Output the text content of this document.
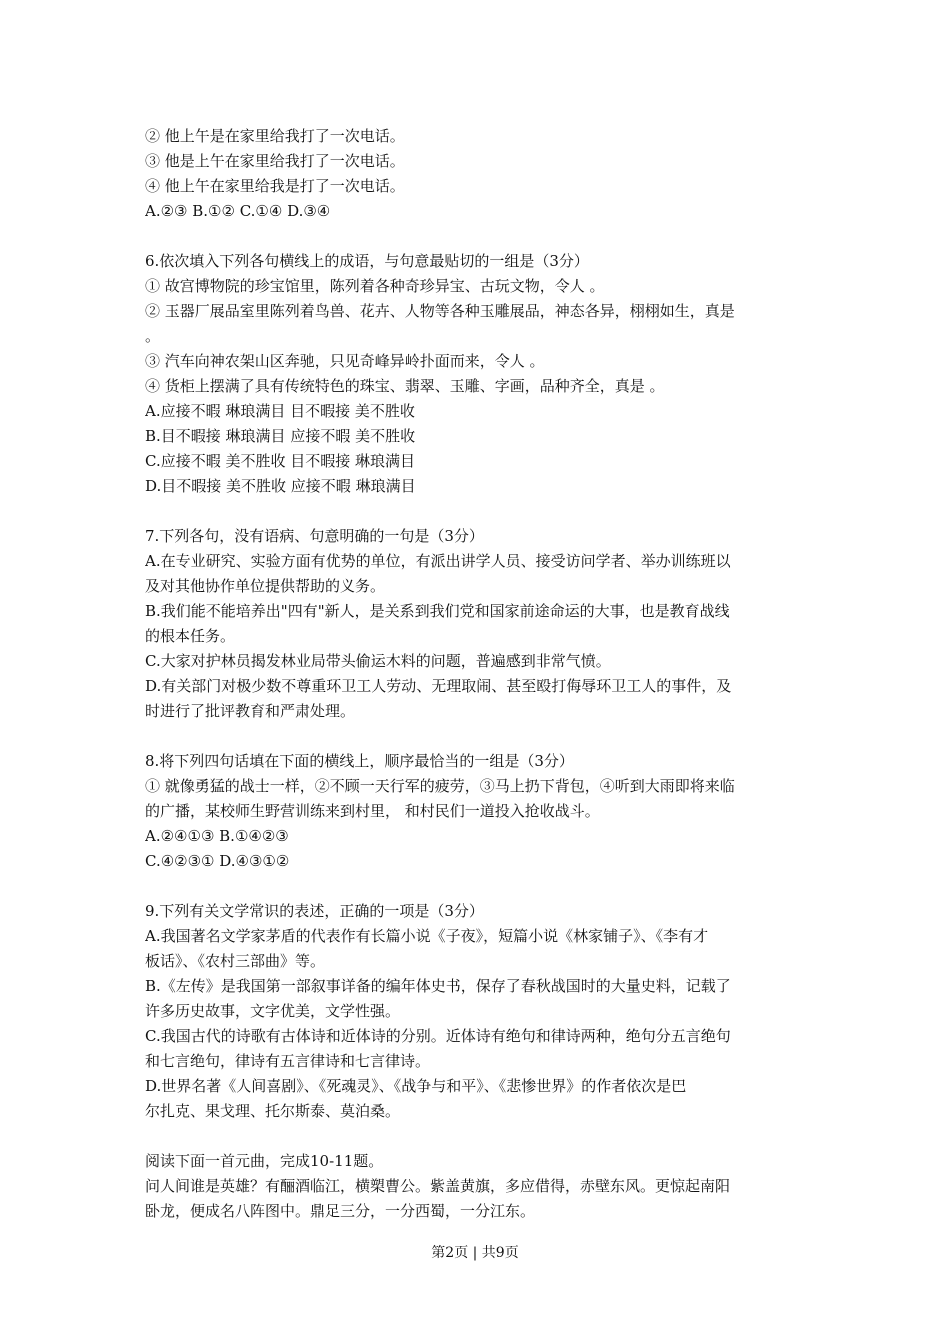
② 他上午是在家里给我打了一次电话。
③ 他是上午在家里给我打了一次电话。
④ 他上午在家里给我是打了一次电话。
A.②③ B.①② C.①④ D.③④
6.依次填入下列各句横线上的成语，与句意最贴切的一组是（3分）
① 故宫博物院的珍宝馆里，陈列着各种奇珍异宝、古玩文物，令人 。
② 玉器厂展品室里陈列着鸟兽、花卉、人物等各种玉雕展品，神态各异，栩栩如生，真是
。
③ 汽车向神农架山区奔驰，只见奇峰异岭扑面而来，令人 。
④ 货柜上摆满了具有传统特色的珠宝、翡翠、玉雕、字画，品种齐全，真是 。
A.应接不暇 琳琅满目 目不暇接 美不胜收
B.目不暇接 琳琅满目 应接不暇 美不胜收
C.应接不暇 美不胜收 目不暇接 琳琅满目
D.目不暇接 美不胜收 应接不暇 琳琅满目
7.下列各句，没有语病、句意明确的一句是（3分）
A.在专业研究、实验方面有优势的单位，有派出讲学人员、接受访问学者、举办训练班以
及对其他协作单位提供帮助的义务。
B.我们能不能培养出"四有"新人，是关系到我们党和国家前途命运的大事，也是教育战线
的根本任务。
C.大家对护林员揭发林业局带头偷运木料的问题，普遍感到非常气愤。
D.有关部门对极少数不尊重环卫工人劳动、无理取闹、甚至殴打侮辱环卫工人的事件，及
时进行了批评教育和严肃处理。
8.将下列四句话填在下面的横线上，顺序最恰当的一组是（3分）
① 就像勇猛的战士一样，②不顾一天行军的疲劳，③马上扔下背包，④听到大雨即将来临
的广播，某校师生野营训练来到村里， 和村民们一道投入抢收战斗。
A.②④①③ B.①④②③
C.④②③① D.④③①②
9.下列有关文学常识的表述，正确的一项是（3分）
A.我国著名文学家茅盾的代表作有长篇小说《子夜》，短篇小说《林家铺子》、《李有才
板话》、《农村三部曲》等。
B.《左传》是我国第一部叙事详备的编年体史书，保存了春秋战国时的大量史料，记载了
许多历史故事，文字优美，文学性强。
C.我国古代的诗歌有古体诗和近体诗的分别。近体诗有绝句和律诗两种，绝句分五言绝句
和七言绝句，律诗有五言律诗和七言律诗。
D.世界名著《人间喜剧》、《死魂灵》、《战争与和平》、《悲惨世界》的作者依次是巴
尔扎克、果戈理、托尔斯泰、莫泊桑。
阅读下面一首元曲，完成10-11题。
问人间谁是英雄？有酾酒临江，横槊曹公。紫盖黄旗，多应借得，赤壁东风。更惊起南阳
卧龙，便成名八阵图中。鼎足三分，一分西蜀，一分江东。
第2页 | 共9页
